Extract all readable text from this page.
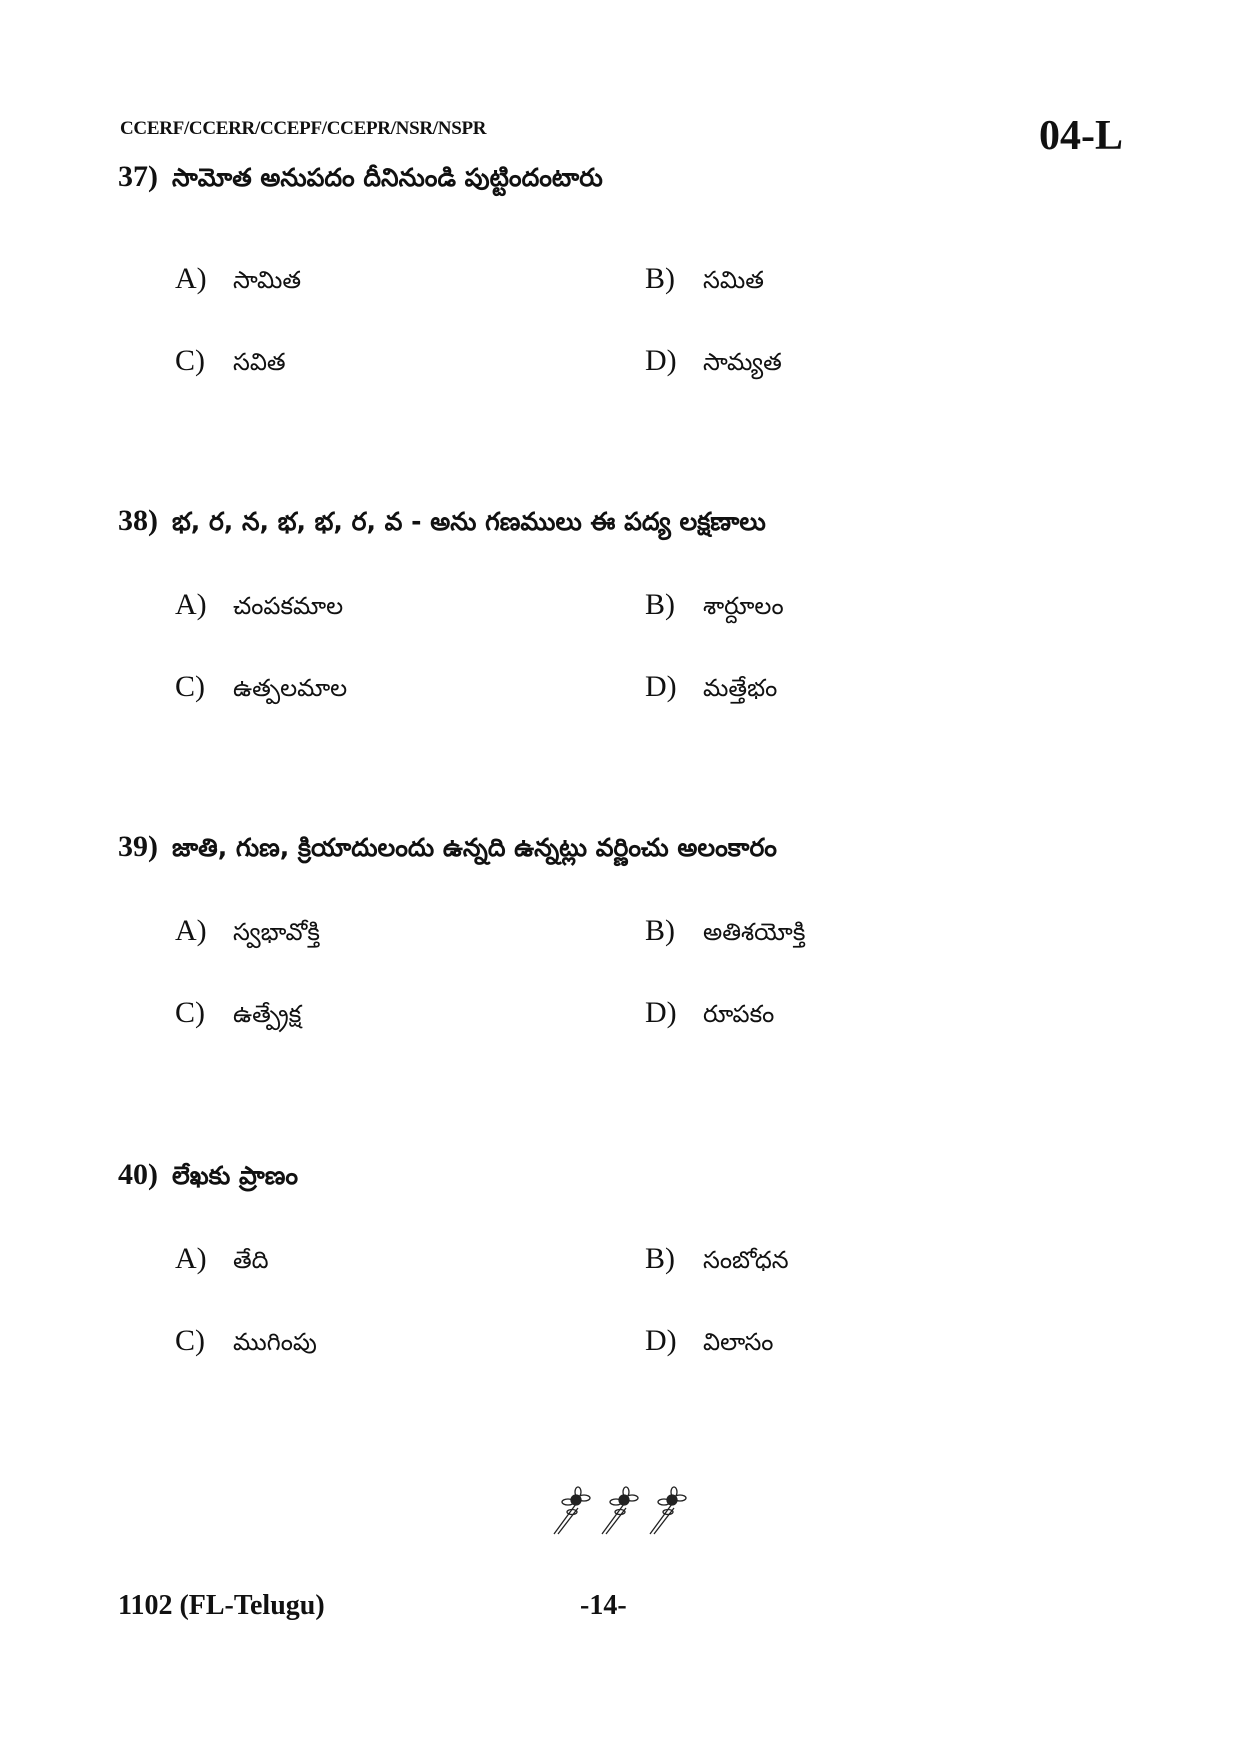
CCERF/CCERR/CCEPF/CCEPR/NSR/NSPR	04-L
37) సావెూత అనుపదం దీనినుండి పుట్టిందంటారు
A)	సామిత	B)	సమిత
C)	సవిత	D)	సామ్యత
38) భ, ర, న, భ, భ, ర, వ - అను గణములు ఈ పద్య లక్షణాలు
A)	చంపకమాల	B)	శార్దూలం
C)	ఉత్పలమాల	D)	మత్తేభం
39) జాతి, గుణ, క్రియాదులందు ఉన్నది ఉన్నట్లు వర్ణించు అలంకారం
A)	స్వభావోక్తి	B)	అతిశయోక్తి
C)	ఉత్ప్రేక్ష	D)	రూపకం
40) లేఖకు ప్రాణం
A)	తేది	B)	సంబోధన
C)	ముగింపు	D)	విలాసం
1102 (FL-Telugu)	-14-
